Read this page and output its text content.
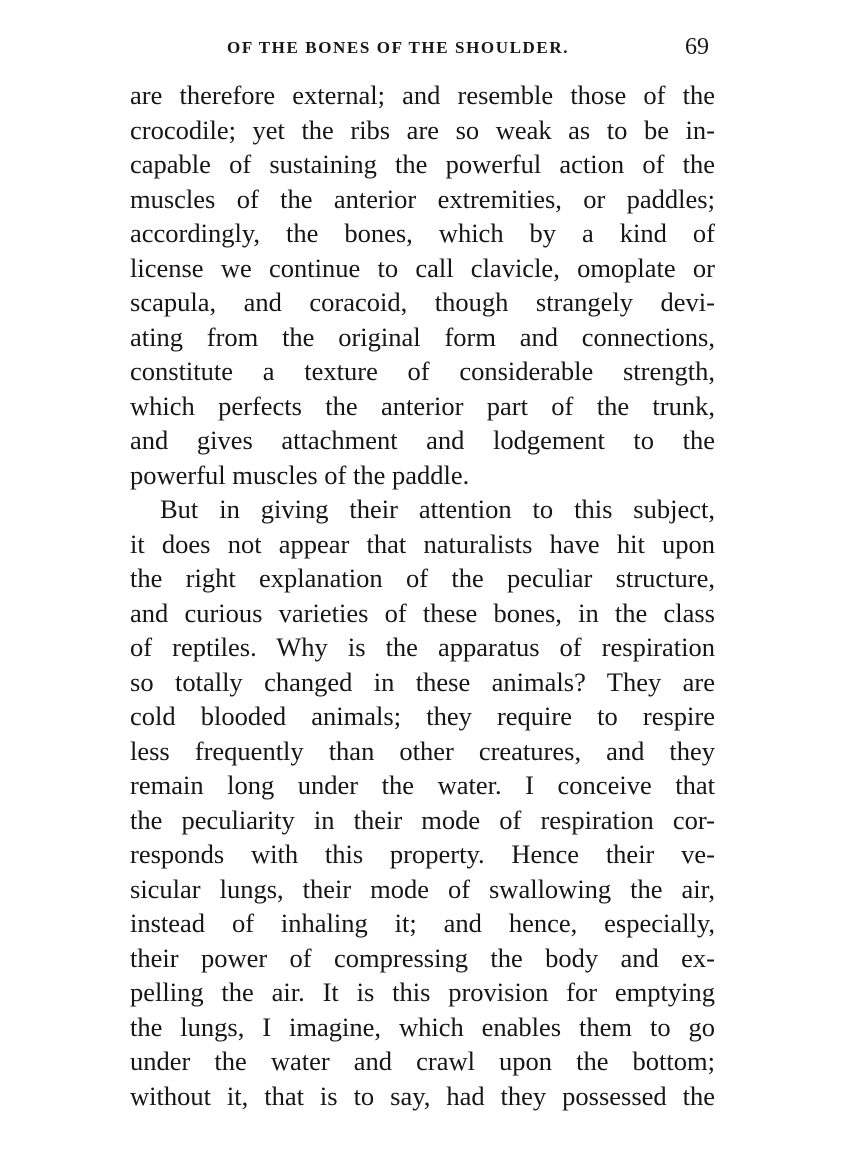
OF THE BONES OF THE SHOULDER.	69
are therefore external; and resemble those of the
crocodile; yet the ribs are so weak as to be in-
capable of sustaining the powerful action of the
muscles of the anterior extremities, or paddles;
accordingly, the bones, which by a kind of
license we continue to call clavicle, omoplate or
scapula, and coracoid, though strangely devi-
ating from the original form and connections,
constitute a texture of considerable strength,
which perfects the anterior part of the trunk,
and gives attachment and lodgement to the
powerful muscles of the paddle.
But in giving their attention to this subject,
it does not appear that naturalists have hit upon
the right explanation of the peculiar structure,
and curious varieties of these bones, in the class
of reptiles. Why is the apparatus of respiration
so totally changed in these animals? They are
cold blooded animals; they require to respire
less frequently than other creatures, and they
remain long under the water. I conceive that
the peculiarity in their mode of respiration cor-
responds with this property. Hence their ve-
sicular lungs, their mode of swallowing the air,
instead of inhaling it; and hence, especially,
their power of compressing the body and ex-
pelling the air. It is this provision for emptying
the lungs, I imagine, which enables them to go
under the water and crawl upon the bottom;
without it, that is to say, had they possessed the
